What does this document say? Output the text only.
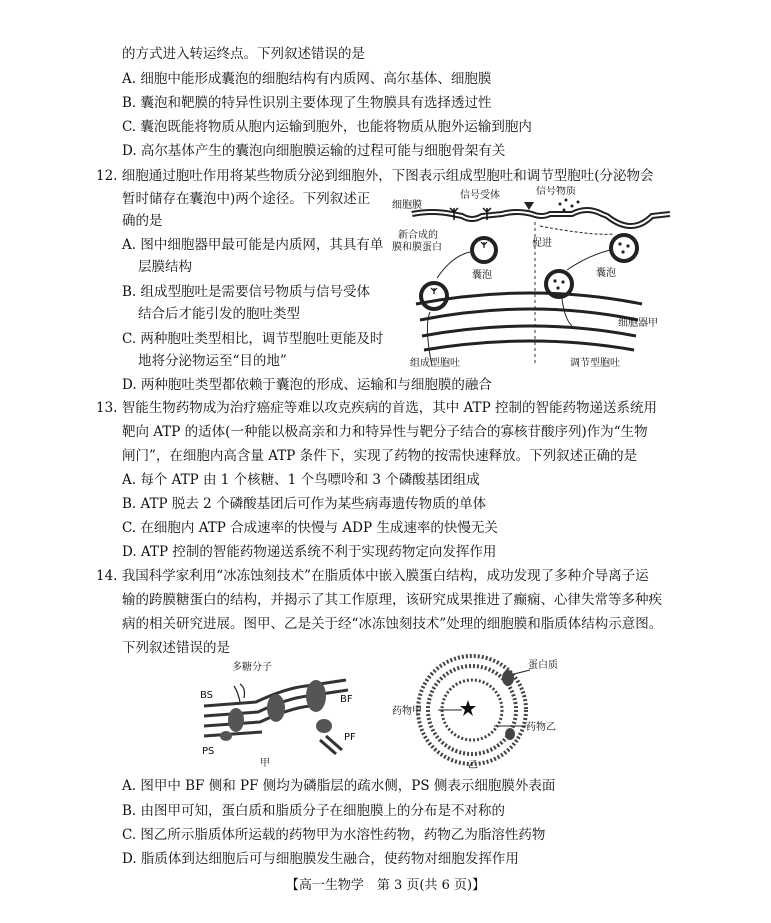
的方式进入转运终点。下列叙述错误的是
A. 细胞中能形成囊泡的细胞结构有内质网、高尔基体、细胞膜
B. 囊泡和靶膜的特异性识别主要体现了生物膜具有选择透过性
C. 囊泡既能将物质从胞内运输到胞外，也能将物质从胞外运输到胞内
D. 高尔基体产生的囊泡向细胞膜运输的过程可能与细胞骨架有关
12. 细胞通过胞吐作用将某些物质分泌到细胞外，下图表示组成型胞吐和调节型胞吐(分泌物会
暂时储存在囊泡中)两个途径。下列叙述正
确的是
A. 图中细胞器甲最可能是内质网，其具有单
层膜结构
B. 组成型胞吐是需要信号物质与信号受体
结合后才能引发的胞吐类型
C. 两种胞吐类型相比，调节型胞吐更能及时
地将分泌物运至“目的地”
D. 两种胞吐类型都依赖于囊泡的形成、运输和与细胞膜的融合
细胞膜
信号受体	信号物质
新合成的
膜和膜蛋白
囊泡
促进
囊泡
细胞器甲
组成型胞吐	调节型胞吐
13. 智能生物药物成为治疗癌症等难以攻克疾病的首选，其中 ATP 控制的智能药物递送系统用
靶向 ATP 的适体(一种能以极高亲和力和特异性与靶分子结合的寡核苷酸序列)作为“生物
闸门”，在细胞内高含量 ATP 条件下，实现了药物的按需快速释放。下列叙述正确的是
A. 每个 ATP 由 1 个核糖、1 个鸟嘌呤和 3 个磷酸基团组成
B. ATP 脱去 2 个磷酸基团后可作为某些病毒遗传物质的单体
C. 在细胞内 ATP 合成速率的快慢与 ADP 生成速率的快慢无关
D. ATP 控制的智能药物递送系统不利于实现药物定向发挥作用
14. 我国科学家利用“冰冻蚀刻技术”在脂质体中嵌入膜蛋白结构，成功发现了多种介导离子运
输的跨膜糖蛋白的结构，并揭示了其工作原理，该研究成果推进了癫痫、心律失常等多种疾
病的相关研究进展。图甲、乙是关于经“冰冻蚀刻技术”处理的细胞膜和脂质体结构示意图。
下列叙述错误的是
多糖分子
BS	BF
PS
PF
甲
蛋白质
药物甲
药物乙
乙
A. 图甲中 BF 侧和 PF 侧均为磷脂层的疏水侧，PS 侧表示细胞膜外表面
B. 由图甲可知，蛋白质和脂质分子在细胞膜上的分布是不对称的
C. 图乙所示脂质体所运载的药物甲为水溶性药物，药物乙为脂溶性药物
D. 脂质体到达细胞后可与细胞膜发生融合，使药物对细胞发挥作用
【高一生物学　第 3 页(共 6 页)】
